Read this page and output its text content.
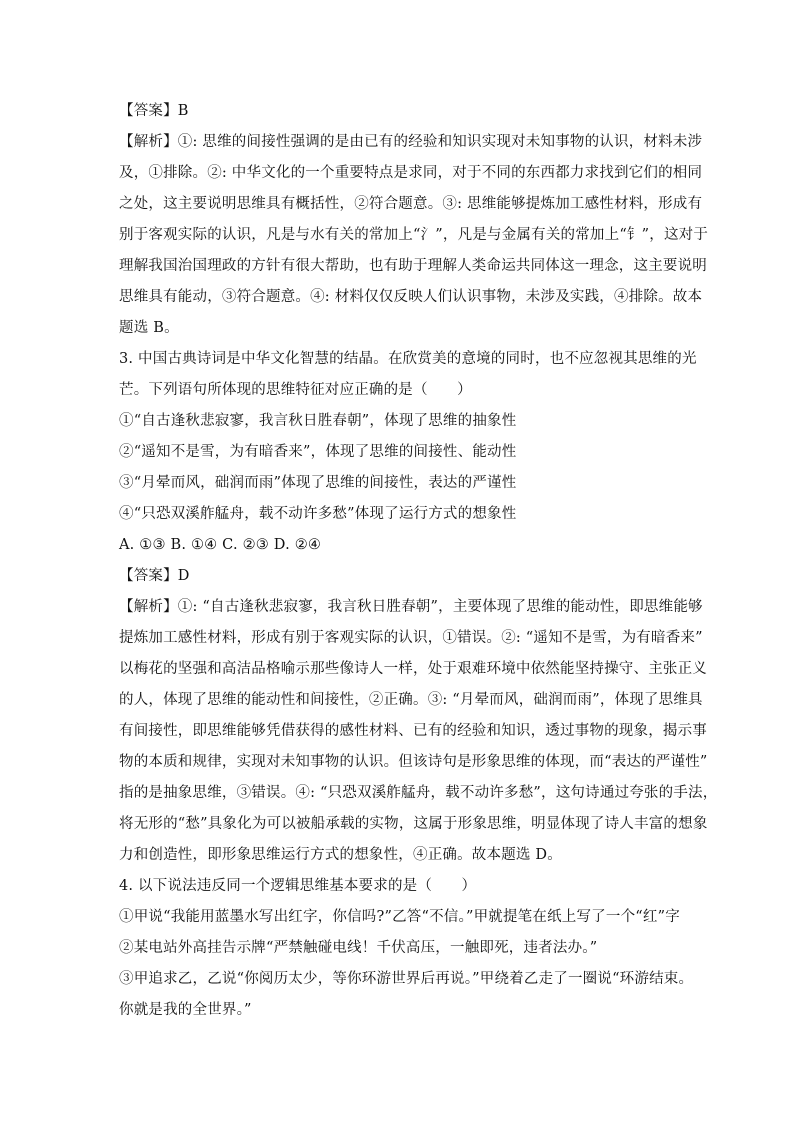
【答案】B
【解析】①: 思维的间接性强调的是由已有的经验和知识实现对未知事物的认识，材料未涉
及，①排除。②: 中华文化的一个重要特点是求同，对于不同的东西都力求找到它们的相同
之处，这主要说明思维具有概括性，②符合题意。③: 思维能够提炼加工感性材料，形成有
别于客观实际的认识，凡是与水有关的常加上“氵”，凡是与金属有关的常加上“钅”，这对于
理解我国治国理政的方针有很大帮助，也有助于理解人类命运共同体这一理念，这主要说明
思维具有能动，③符合题意。④: 材料仅仅反映人们认识事物，未涉及实践，④排除。故本
题选 B。
3. 中国古典诗词是中华文化智慧的结晶。在欣赏美的意境的同时，也不应忽视其思维的光
芒。下列语句所体现的思维特征对应正确的是（　　）
①“自古逢秋悲寂寥，我言秋日胜春朝”，体现了思维的抽象性
②“遥知不是雪，为有暗香来”，体现了思维的间接性、能动性
③“月晕而风，础润而雨”体现了思维的间接性，表达的严谨性
④“只恐双溪舴艋舟，载不动许多愁”体现了运行方式的想象性
A. ①③ B. ①④ C. ②③ D. ②④
【答案】D
【解析】①: “自古逢秋悲寂寥，我言秋日胜春朝”，主要体现了思维的能动性，即思维能够
提炼加工感性材料，形成有别于客观实际的认识，①错误。②: “遥知不是雪，为有暗香来”
以梅花的坚强和高洁品格喻示那些像诗人一样，处于艰难环境中依然能坚持操守、主张正义
的人，体现了思维的能动性和间接性，②正确。③: “月晕而风，础润而雨”，体现了思维具
有间接性，即思维能够凭借获得的感性材料、已有的经验和知识，透过事物的现象，揭示事
物的本质和规律，实现对未知事物的认识。但该诗句是形象思维的体现，而“表达的严谨性”
指的是抽象思维，③错误。④: “只恐双溪舴艋舟，载不动许多愁”，这句诗通过夸张的手法，
将无形的“愁”具象化为可以被船承载的实物，这属于形象思维，明显体现了诗人丰富的想象
力和创造性，即形象思维运行方式的想象性，④正确。故本题选 D。
4. 以下说法违反同一个逻辑思维基本要求的是（　　）
①甲说“我能用蓝墨水写出红字，你信吗?”乙答“不信。”甲就提笔在纸上写了一个“红”字
②某电站外高挂告示牌“严禁触碰电线！千伏高压，一触即死，违者法办。”
③甲追求乙，乙说“你阅历太少，等你环游世界后再说。”甲绕着乙走了一圈说“环游结束。
你就是我的全世界。”
